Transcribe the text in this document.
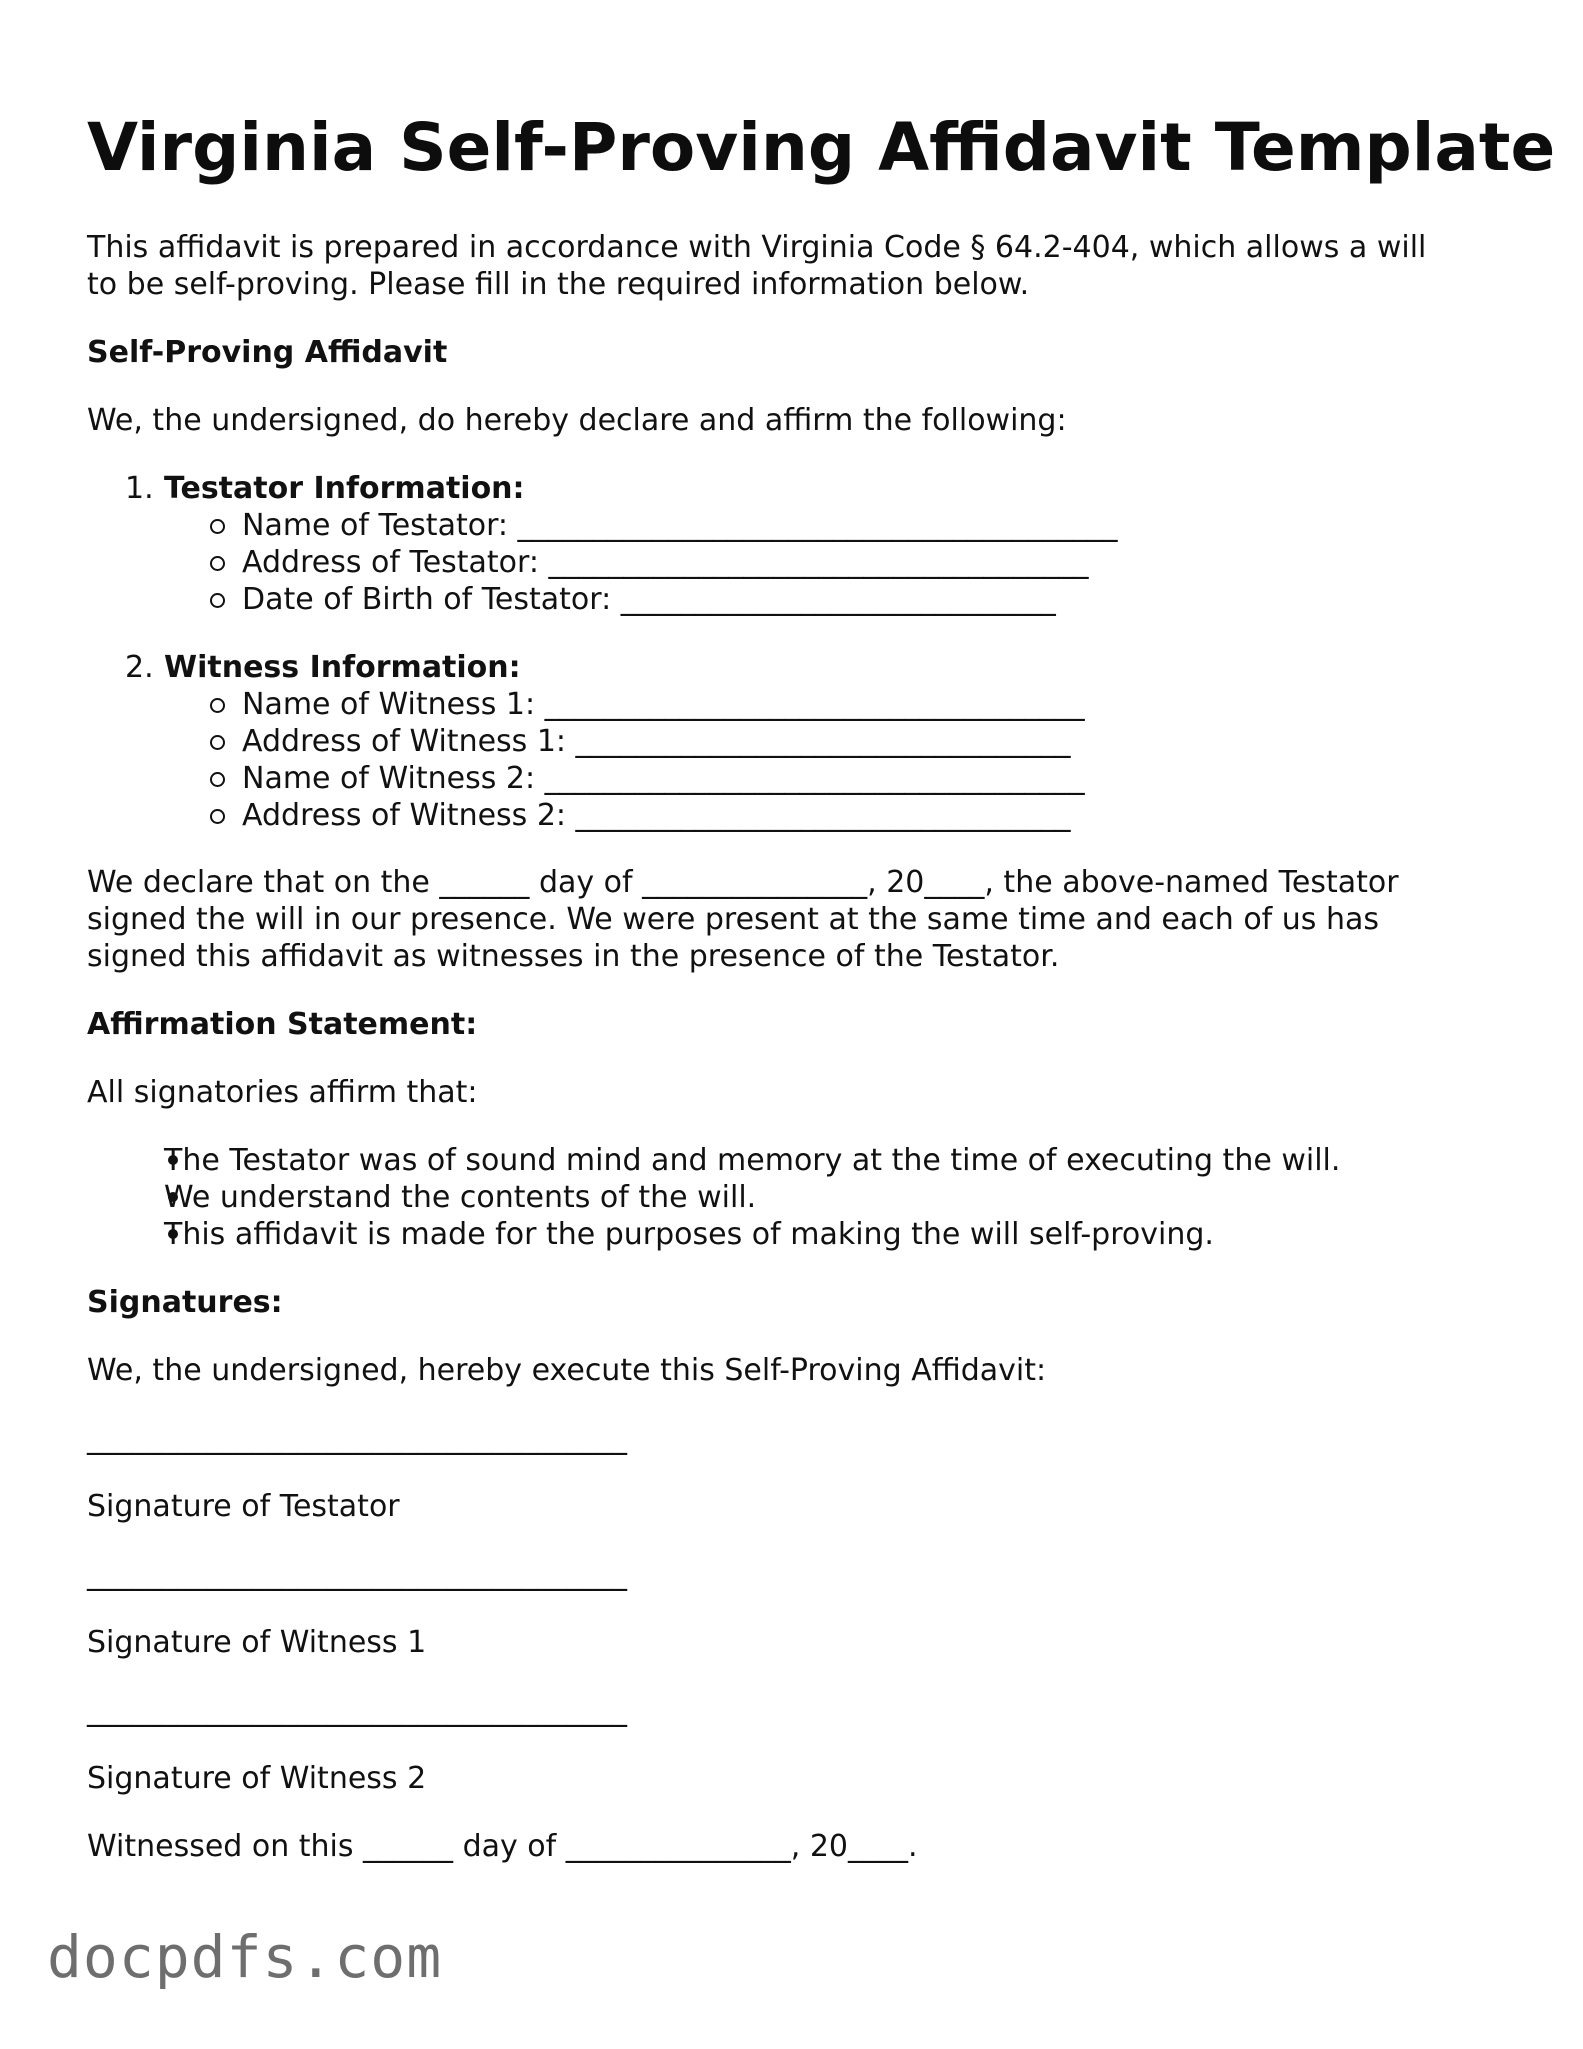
Virginia Self-Proving Affidavit Template

This affidavit is prepared in accordance with Virginia Code § 64.2-404, which allows a will

to be self-proving. Please fill in the required information below.

Self-Proving Affidavit

We, the undersigned, do hereby declare and affirm the following:

1. Testator Information:

Name of Testator: ________________________________________

Address of Testator: ____________________________________

Date of Birth of Testator: _____________________________

2. Witness Information:

Name of Witness 1: ____________________________________

Address of Witness 1: _________________________________

Name of Witness 2: ____________________________________

Address of Witness 2: _________________________________

We declare that on the ______ day of _______________, 20____, the above-named Testator

signed the will in our presence. We were present at the same time and each of us has

signed this affidavit as witnesses in the presence of the Testator.

Affirmation Statement:

All signatories affirm that:

The Testator was of sound mind and memory at the time of executing the will.

We understand the contents of the will.

This affidavit is made for the purposes of making the will self-proving.

Signatures:

We, the undersigned, hereby execute this Self-Proving Affidavit:

____________________________________

Signature of Testator

____________________________________

Signature of Witness 1

____________________________________

Signature of Witness 2

Witnessed on this ______ day of _______________, 20____.

docpdfs.com
